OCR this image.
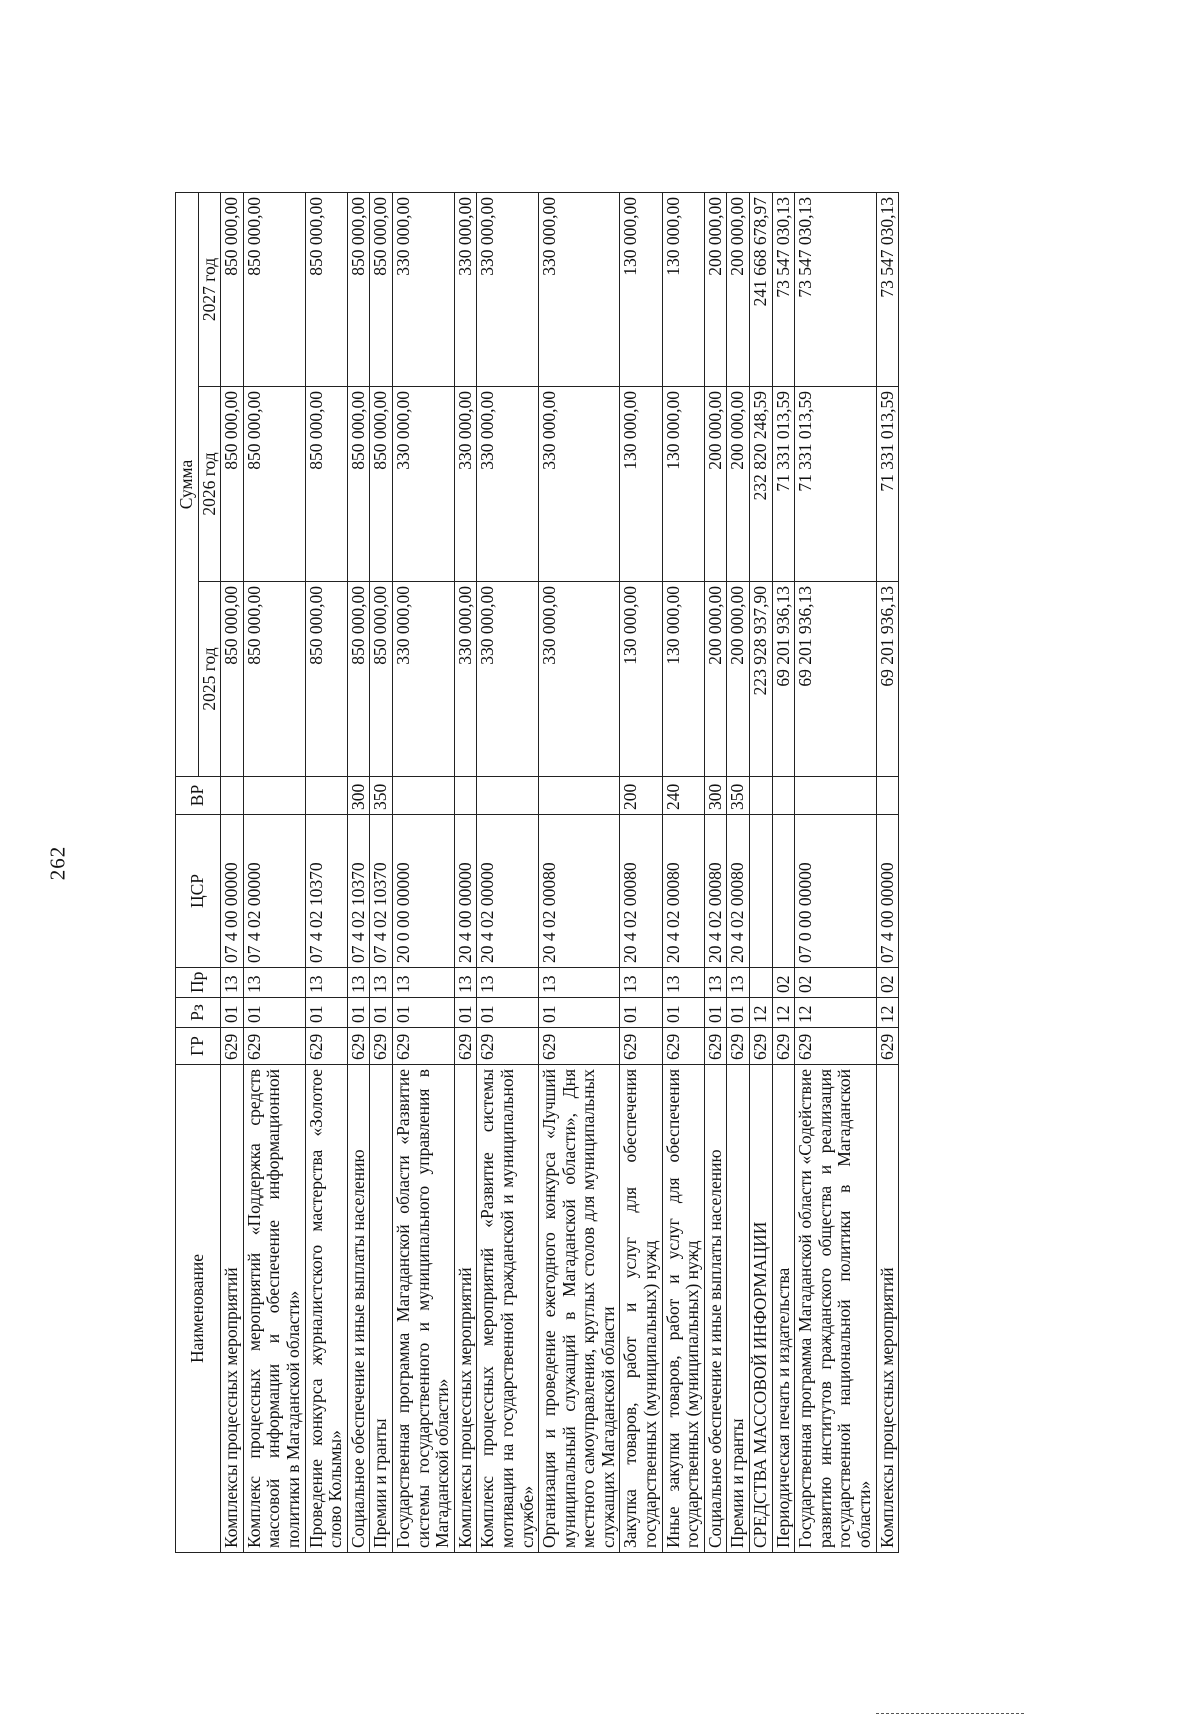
262
Наименование	ГР	Рз	Пр	ЦСР	ВР	Сумма		
						2025 год	2026 год	2027 год
Комплексы процессных мероприятий	629	01	13	07 4 00 00000		850 000,00	850 000,00	850 000,00
Комплекс процессных мероприятий «Поддержка средств массовой информации и обеспечение информационной политики в Магаданской области»	629	01	13	07 4 02 00000		850 000,00	850 000,00	850 000,00
Проведение конкурса журналистского мастерства «Золотое слово Колымы»	629	01	13	07 4 02 10370		850 000,00	850 000,00	850 000,00
Социальное обеспечение и иные выплаты населению	629	01	13	07 4 02 10370	300	850 000,00	850 000,00	850 000,00
Премии и гранты	629	01	13	07 4 02 10370	350	850 000,00	850 000,00	850 000,00
Государственная программа Магаданской области «Развитие системы государственного и муниципального управления в Магаданской области»	629	01	13	20 0 00 00000		330 000,00	330 000,00	330 000,00
Комплексы процессных мероприятий	629	01	13	20 4 00 00000		330 000,00	330 000,00	330 000,00
Комплекс процессных мероприятий «Развитие системы мотивации на государственной гражданской и муниципальной службе»	629	01	13	20 4 02 00000		330 000,00	330 000,00	330 000,00
Организация и проведение ежегодного конкурса «Лучший муниципальный служащий в Магаданской области», Дня местного самоуправления, круглых столов для муниципальных служащих Магаданской области	629	01	13	20 4 02 00080		330 000,00	330 000,00	330 000,00
Закупка товаров, работ и услуг для обеспечения государственных (муниципальных) нужд	629	01	13	20 4 02 00080	200	130 000,00	130 000,00	130 000,00
Иные закупки товаров, работ и услуг для обеспечения государственных (муниципальных) нужд	629	01	13	20 4 02 00080	240	130 000,00	130 000,00	130 000,00
Социальное обеспечение и иные выплаты населению	629	01	13	20 4 02 00080	300	200 000,00	200 000,00	200 000,00
Премии и гранты	629	01	13	20 4 02 00080	350	200 000,00	200 000,00	200 000,00
СРЕДСТВА МАССОВОЙ ИНФОРМАЦИИ	629	12				223 928 937,90	232 820 248,59	241 668 678,97
Периодическая печать и издательства	629	12	02			69 201 936,13	71 331 013,59	73 547 030,13
Государственная программа Магаданской области «Содействие развитию институтов гражданского общества и реализация государственной национальной политики в Магаданской области»	629	12	02	07 0 00 00000		69 201 936,13	71 331 013,59	73 547 030,13
Комплексы процессных мероприятий	629	12	02	07 4 00 00000		69 201 936,13	71 331 013,59	73 547 030,13
